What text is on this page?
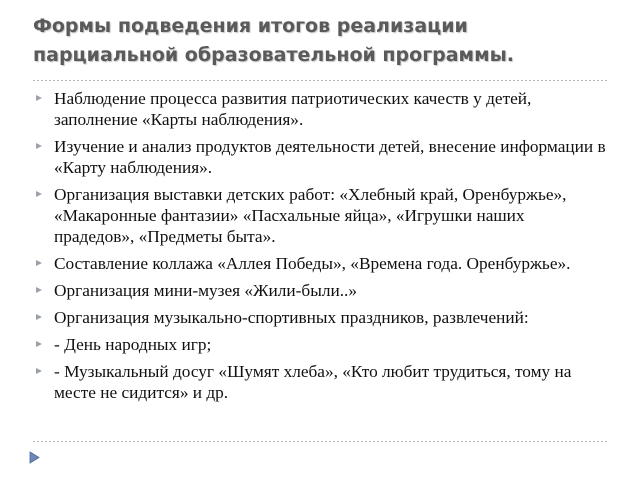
Формы подведения итогов реализации
парциальной образовательной программы.
Наблюдение процесса развития патриотических качеств у детей, заполнение «Карты наблюдения».
Изучение и анализ продуктов деятельности детей, внесение информации в «Карту наблюдения».
Организация выставки детских работ: «Хлебный край, Оренбуржье», «Макаронные фантазии» «Пасхальные яйца», «Игрушки наших прадедов», «Предметы быта».
Составление коллажа «Аллея Победы», «Времена года. Оренбуржье».
Организация мини-музея «Жили-были..»
Организация музыкально-спортивных праздников, развлечений:
- День народных игр;
- Музыкальный досуг «Шумят хлеба», «Кто любит трудиться, тому на месте не сидится» и др.
